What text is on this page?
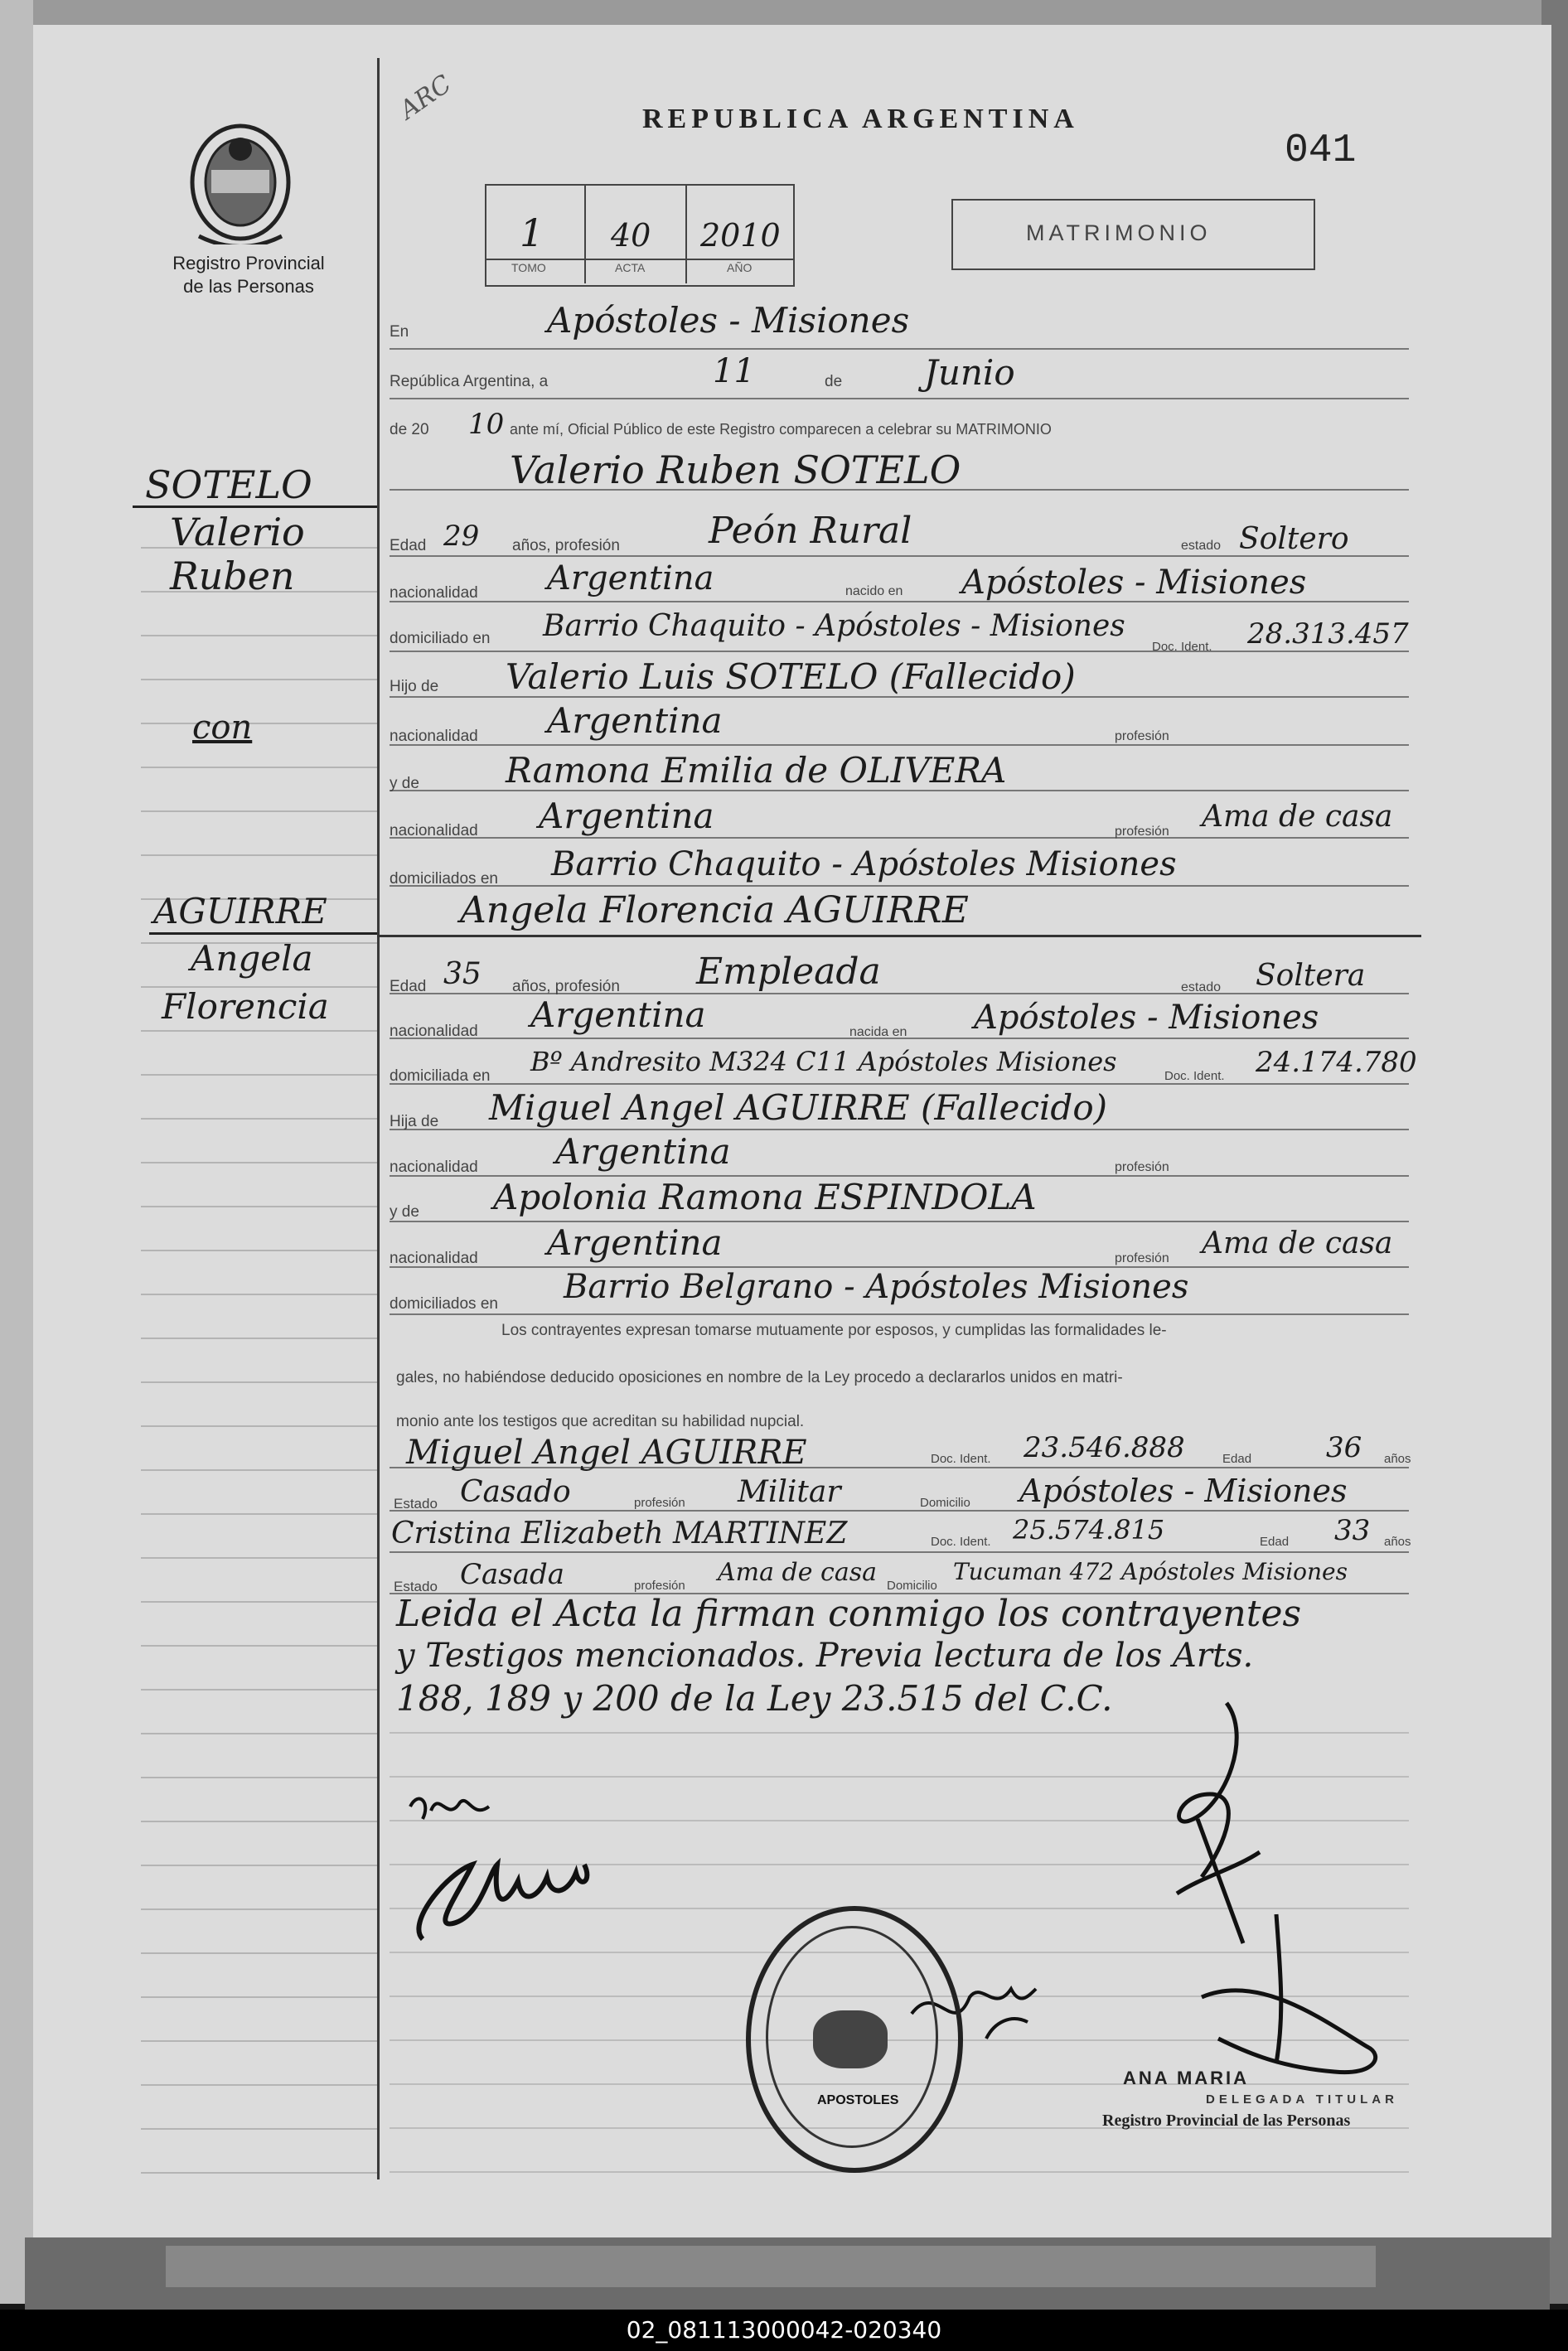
Registro Provincial
de las Personas
ARC	REPUBLICA ARGENTINA
041
1 40 2010
TOMO	ACTA	AÑO
MATRIMONIO
SOTELO
Valerio
Ruben
con
AGUIRRE
Angela
Florencia
En	Apóstoles - Misiones
República Argentina, a	11	de Junio
de 20 10 ante mí, Oficial Público de este Registro comparecen a celebrar su MATRIMONIO
Valerio Ruben SOTELO
Edad 29 años, profesión Peón Rural	estado Soltero
nacionalidad Argentina	nacido en Apóstoles - Misiones
domiciliado en Barrio Chaquito - Apóstoles - Misiones
Doc. Ident. 28.313.457
Hijo de Valerio Luis SOTELO (Fallecido)
nacionalidad Argentina	profesión
y de Ramona Emilia de OLIVERA
nacionalidad Argentina	profesión Ama de casa
domiciliados en Barrio Chaquito - Apóstoles Misiones
Angela Florencia AGUIRRE
Edad 35 años, profesión Empleada	estado Soltera
nacionalidad Argentina	nacida en Apóstoles - Misiones
domiciliada en Bº Andresito M324 C11 Apóstoles Misiones	Doc. Ident. 24.174.780
Hija de Miguel Angel AGUIRRE (Fallecido)
nacionalidad Argentina	profesión
y de Apolonia Ramona ESPINDOLA
nacionalidad Argentina	profesión Ama de casa
domiciliados en Barrio Belgrano - Apóstoles Misiones
Los contrayentes expresan tomarse mutuamente por esposos, y cumplidas las formalidades le-
gales, no habiéndose deducido oposiciones en nombre de la Ley procedo a declararlos unidos en matri-
monio ante los testigos que acreditan su habilidad nupcial.
Miguel Angel AGUIRRE	Doc. Ident. 23.546.888	Edad	36 años
Estado Casado	profesión Militar	Domicilio Apóstoles - Misiones
Cristina Elizabeth MARTINEZ	Doc. Ident. 25.574.815	Edad 33 años
Estado Casada	profesión Ama de casa Domicilio
Tucuman 472 Apóstoles Misiones
Leida el Acta la firman conmigo los contrayentes
y Testigos mencionados. Previa lectura de los Arts.
188, 189 y 200 de la Ley 23.515 del C.C.
APOSTOLES
ANA MARIA
DELEGADA TITULAR
Registro Provincial de las Personas
02_081113000042-020340
